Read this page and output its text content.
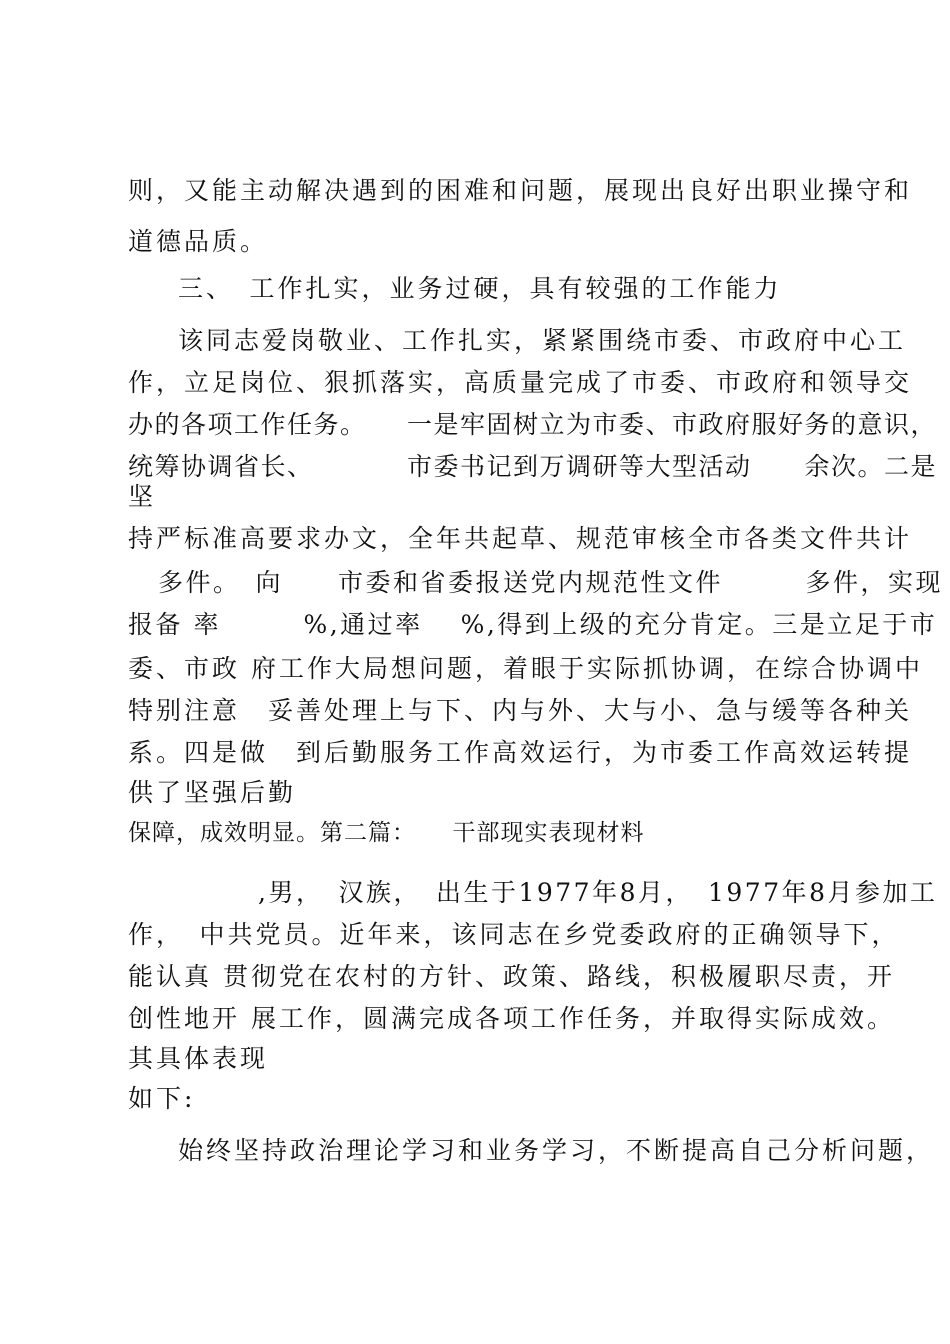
则，又能主动解决遇到的困难和问题，展现出良好出职业操守和
道德品质。
三、　工作扎实，业务过硬，具有较强的工作能力
该同志爱岗敬业、工作扎实，紧紧围绕市委、市政府中心工
作，立足岗位、狠抓落实，高质量完成了市委、市政府和领导交
办的各项工作任务。　　一是牢固树立为市委、市政府服好务的意识，
统筹协调省长、　　　　市委书记到万调研等大型活动　　余次。二是
坚
持严标准高要求办文，全年共起草、规范审核全市各类文件共计
多件。　向　　市委和省委报送党内规范性文件　　　多件，实现
报备 率　　　%,通过率　 %,得到上级的充分肯定。三是立足于市
委、市政 府工作大局想问题，着眼于实际抓协调，在综合协调中
特别注意　妥善处理上与下、内与外、大与小、急与缓等各种关
系。四是做　到后勤服务工作高效运行，为市委工作高效运转提
供了坚强后勤
保障，成效明显。第二篇：　　干部现实表现材料
,男，　汉族，　出生于1977年8月，　1977年8月参加工
作，　中共党员。近年来，该同志在乡党委政府的正确领导下，
能认真 贯彻党在农村的方针、政策、路线，积极履职尽责，开
创性地开 展工作，圆满完成各项工作任务，并取得实际成效。
其具体表现
如下:
始终坚持政治理论学习和业务学习，不断提高自己分析问题，
